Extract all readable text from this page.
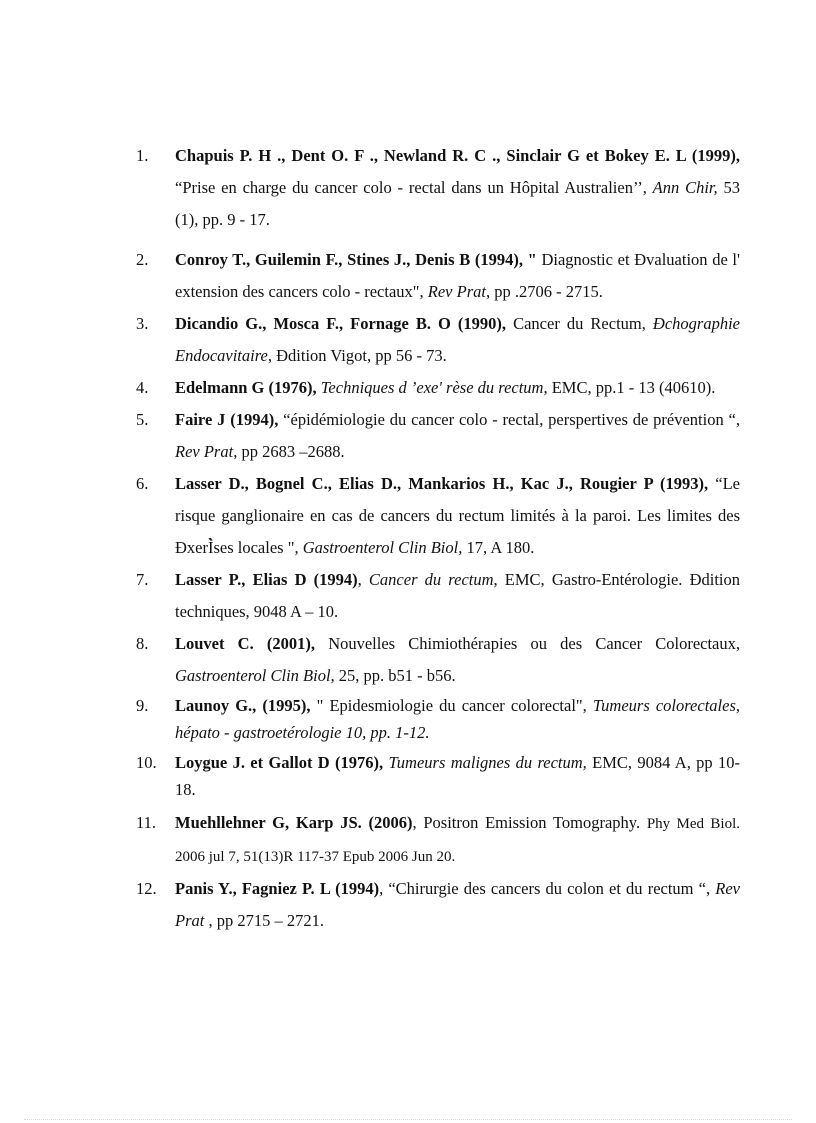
1. Chapuis P. H ., Dent O. F ., Newland R. C ., Sinclair G et Bokey E. L (1999), “Prise en charge du cancer colo - rectal dans un Hôpital Australien’’, Ann Chir, 53 (1), pp. 9 - 17.
2. Conroy T., Guilemin F., Stines J., Denis B (1994), " Diagnostic et Đvaluation de l' extension des cancers colo - rectaux", Rev Prat, pp .2706 - 2715.
3. Dicandio G., Mosca F., Fornage B. O (1990), Cancer du Rectum, Đchographie Endocavitaire, Đdition Vigot, pp 56 - 73.
4. Edelmann G (1976), Techniques d ’exe' rèse du rectum, EMC, pp.1 - 13 (40610).
5. Faire J (1994), “épidémiologie du cancer colo - rectal, perspertives de prévention “, Rev Prat, pp 2683 –2688.
6. Lasser D., Bognel C., Elias D., Mankarios H., Kac J., Rougier P (1993), “Le risque ganglionaire en cas de cancers du rectum limités à la paroi. Les limites des ĐxerÌ̀ses locales ", Gastroenterol Clin Biol, 17, A 180.
7. Lasser P., Elias D (1994), Cancer du rectum, EMC, Gastro-Entérologie. Đdition techniques, 9048 A – 10.
8. Louvet C. (2001), Nouvelles Chimiothérapies ou des Cancer Colorectaux, Gastroenterol Clin Biol, 25, pp. b51 - b56.
9. Launoy G., (1995), " Epidesmiologie du cancer colorectal", Tumeurs colorectales, hépato - gastroetérologie 10, pp. 1-12.
10. Loygue J. et Gallot D (1976), Tumeurs malignes du rectum, EMC, 9084 A, pp 10-18.
11. Muehllehner G, Karp JS. (2006), Positron Emission Tomography. Phy Med Biol. 2006 jul 7, 51(13)R 117-37 Epub 2006 Jun 20.
12. Panis Y., Fagniez P. L (1994), “Chirurgie des cancers du colon et du rectum “, Rev Prat , pp 2715 – 2721.
